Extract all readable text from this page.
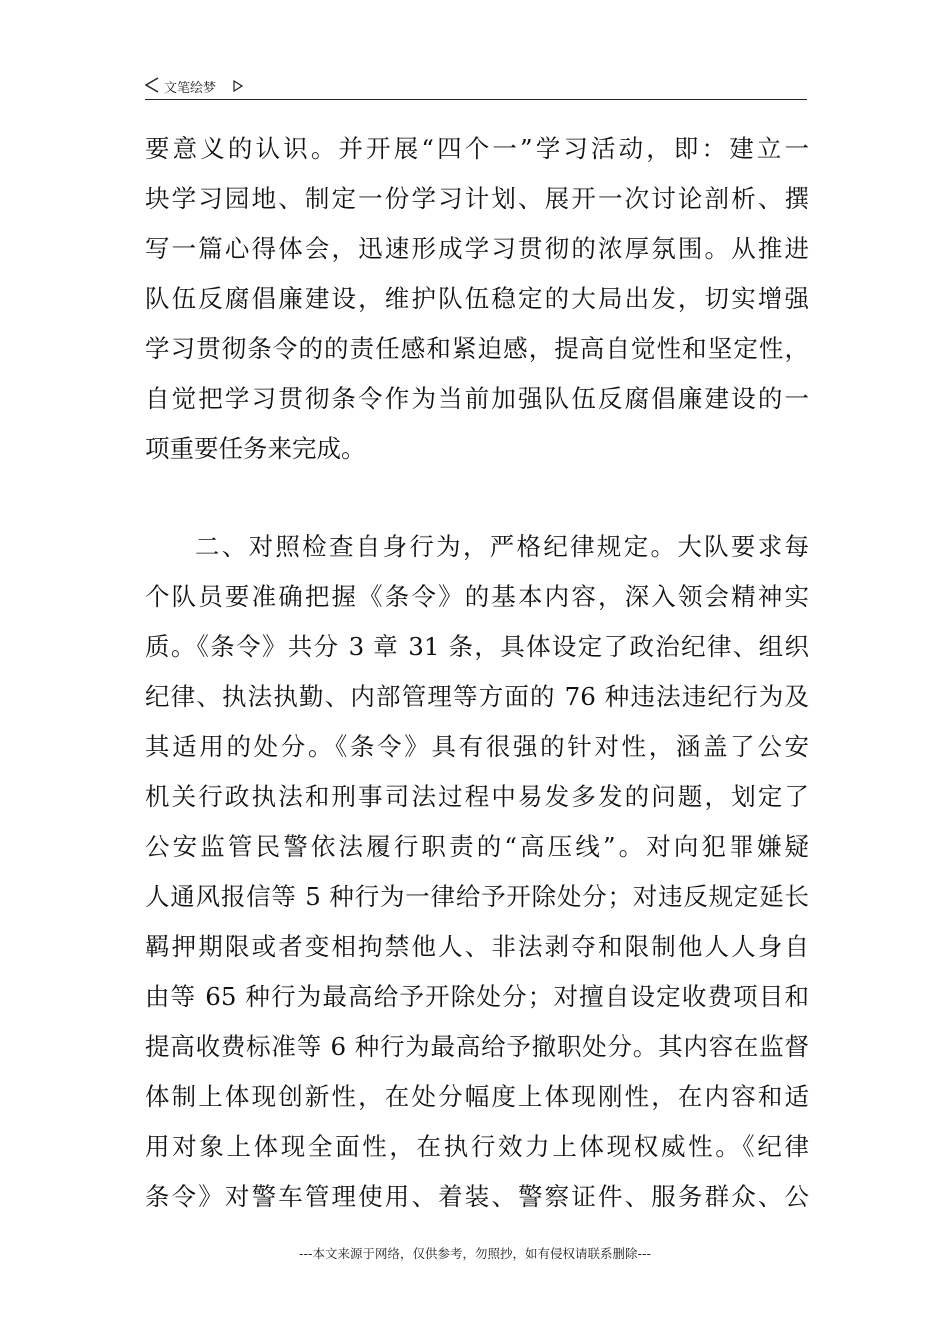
文笔绘梦
要意义的认识。并开展“四个一”学习活动，即：建立一
块学习园地、制定一份学习计划、展开一次讨论剖析、撰
写一篇心得体会，迅速形成学习贯彻的浓厚氛围。从推进
队伍反腐倡廉建设，维护队伍稳定的大局出发，切实增强
学习贯彻条令的的责任感和紧迫感，提高自觉性和坚定性，
自觉把学习贯彻条令作为当前加强队伍反腐倡廉建设的一
项重要任务来完成。
二、对照检查自身行为，严格纪律规定。大队要求每
个队员要准确把握《条令》的基本内容，深入领会精神实
质。《条令》共分 3 章 31 条，具体设定了政治纪律、组织
纪律、执法执勤、内部管理等方面的 76 种违法违纪行为及
其适用的处分。《条令》具有很强的针对性，涵盖了公安
机关行政执法和刑事司法过程中易发多发的问题，划定了
公安监管民警依法履行职责的“高压线”。对向犯罪嫌疑
人通风报信等 5 种行为一律给予开除处分；对违反规定延长
羁押期限或者变相拘禁他人、非法剥夺和限制他人人身自
由等 65 种行为最高给予开除处分；对擅自设定收费项目和
提高收费标准等 6 种行为最高给予撤职处分。其内容在监督
体制上体现创新性，在处分幅度上体现刚性，在内容和适
用对象上体现全面性，在执行效力上体现权威性。《纪律
条令》对警车管理使用、着装、警察证件、服务群众、公
---本文来源于网络，仅供参考，勿照抄，如有侵权请联系删除---
